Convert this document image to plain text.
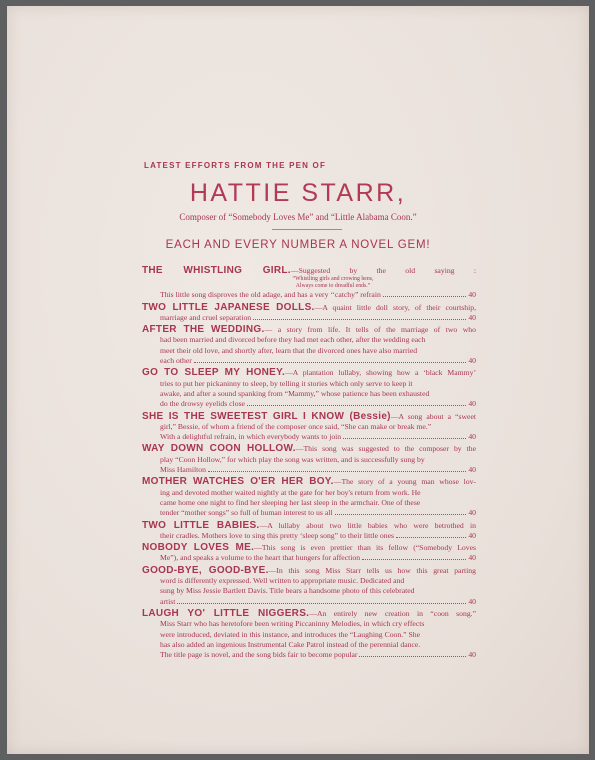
LATEST EFFORTS FROM THE PEN OF
HATTIE STARR,
Composer of “Somebody Loves Me” and “Little Alabama Coon.”
EACH AND EVERY NUMBER A NOVEL GEM!
THE WHISTLING GIRL.—Suggested by the old saying :
“Whistling girls and crowing hens,
Always come to dreadful ends.”
This little song disproves the old adage, and has a very ‘‘catchy” refrain	40
TWO LITTLE JAPANESE DOLLS.—A quaint little doll story, of their courtship,
marriage and cruel separation	40
AFTER THE WEDDING.— a story from life. It tells of the marriage of two who
had been married and divorced before they had met each other, after the wedding each
meet their old love, and shortly after, learn that the divorced ones have also married
each other	40
GO TO SLEEP MY HONEY.—A plantation lullaby, showing how a ‘black Mammy’
tries to put her pickaninny to sleep, by telling it stories which only serve to keep it
awake, and after a sound spanking from “Mammy,” whose patience has been exhausted
do the drowsy eyelids close	40
SHE IS THE SWEETEST GIRL I KNOW (Bessie)—A song about a “sweet
girl,” Bessie, of whom a friend of the composer once said, “She can make or break me.”
With a delightful refrain, in which everybody wants to join	40
WAY DOWN COON HOLLOW.—This song was suggested to the composer by the
play “Coon Hollow,” for which play the song was written, and is successfully sung by
Miss Hamilton	40
MOTHER WATCHES O'ER HER BOY.—The story of a young man whose lov-
ing and devoted mother waited nightly at the gate for her boy's return from work. He
came home one night to find her sleeping her last sleep in the armchair. One of these
tender “mother songs” so full of human interest to us all	40
TWO LITTLE BABIES.—A lullaby about two little babies who were betrothed in
their cradles. Mothers love to sing this pretty ‘sleep song” to their little ones	40
NOBODY LOVES ME.—This song is even prettier than its fellow (“Somebody Loves
Me”), and speaks a volume to the heart that hungers for affection	40
GOOD-BYE, GOOD-BYE.—In this song Miss Starr tells us how this great parting
word is differently expressed. Well written to appropriate music. Dedicated and
sung by Miss Jessie Bartlett Davis. Title bears a handsome photo of this celebrated
artist	40
LAUGH YO' LITTLE NIGGERS.—An entirely new creation in “coon song.”
Miss Starr who has heretofore been writing Piccaninny Melodies, in which cry effects
were introduced, deviated in this instance, and introduces the “Laughing Coon.” She
has also added an ingenious Instrumental Cake Patrol instead of the perennial dance.
The title page is novel, and the song bids fair to become popular	40
